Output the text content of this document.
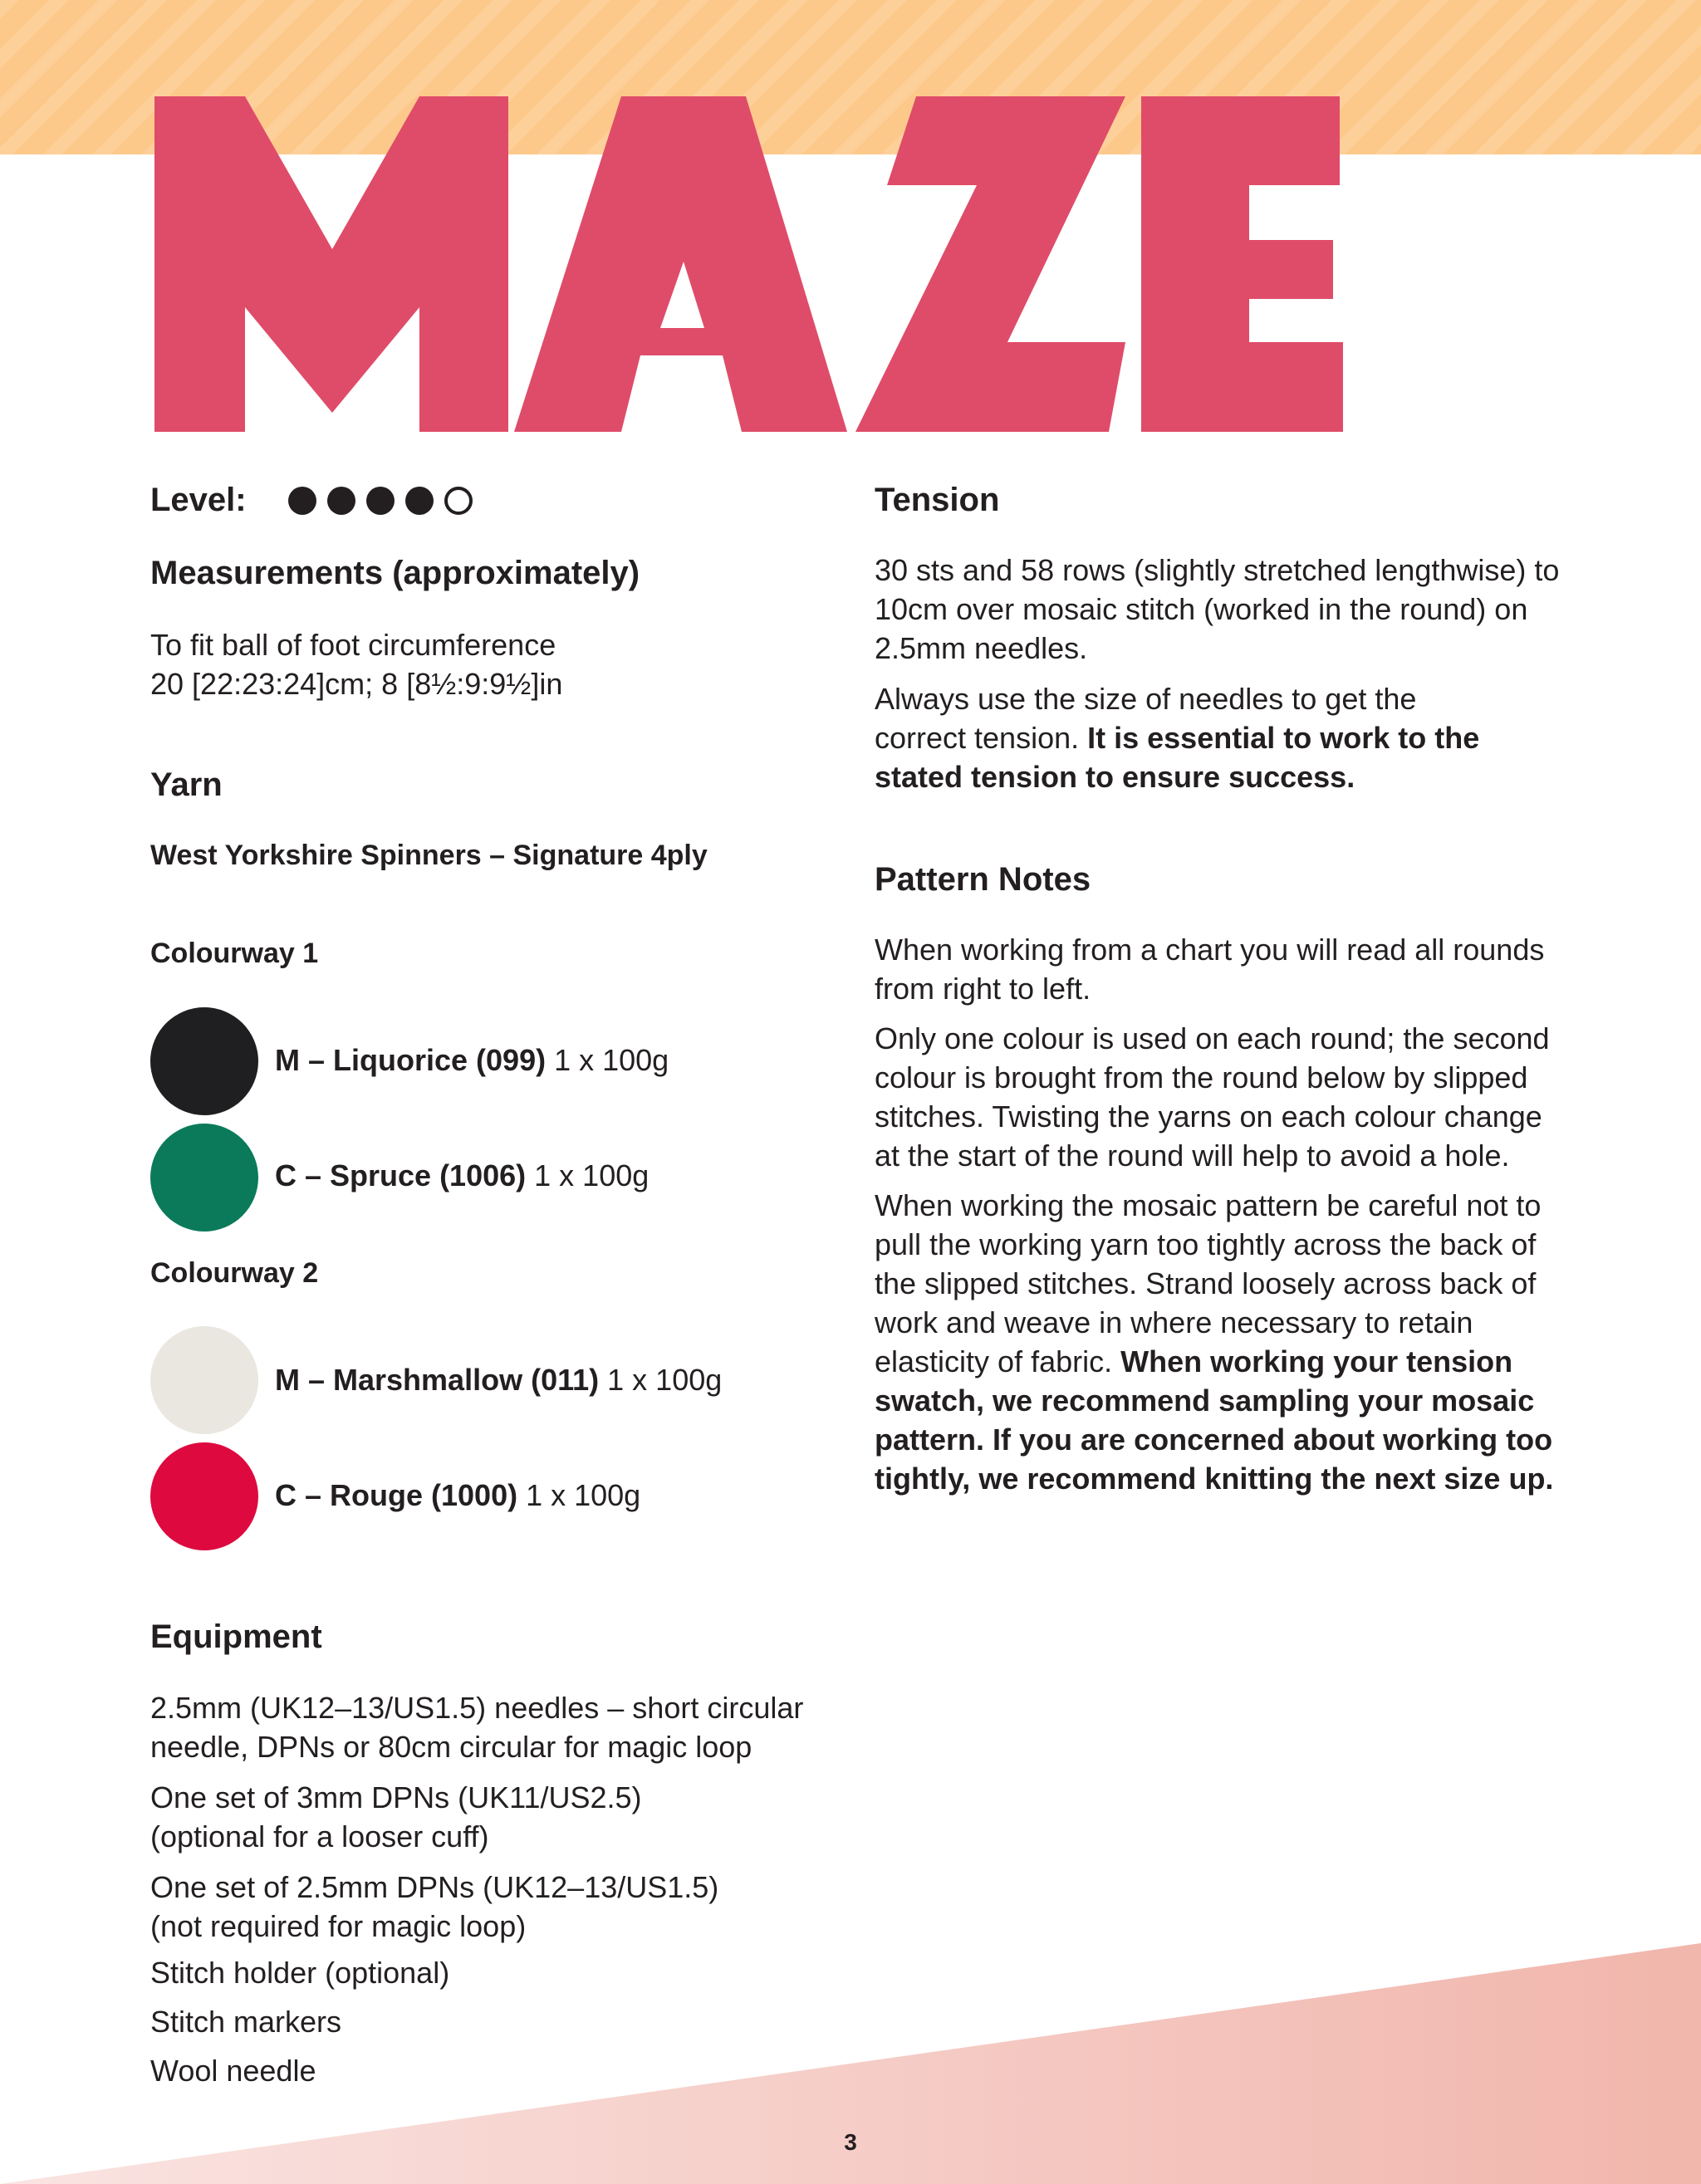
Level:
Measurements (approximately)
To fit ball of foot circumference
20 [22:23:24]cm; 8 [8½:9:9½]in
Yarn
West Yorkshire Spinners – Signature 4ply
Colourway 1
M – Liquorice (099) 1 x 100g
C – Spruce (1006) 1 x 100g
Colourway 2
M – Marshmallow (011) 1 x 100g
C – Rouge (1000) 1 x 100g
Equipment
2.5mm (UK12–13/US1.5) needles – short circular needle, DPNs or 80cm circular for magic loop
One set of 3mm DPNs (UK11/US2.5) (optional for a looser cuff)
One set of 2.5mm DPNs (UK12–13/US1.5) (not required for magic loop)
Stitch holder (optional)
Stitch markers
Wool needle
Tension
30 sts and 58 rows (slightly stretched lengthwise) to 10cm over mosaic stitch (worked in the round) on 2.5mm needles.
Always use the size of needles to get the correct tension. It is essential to work to the stated tension to ensure success.
Pattern Notes
When working from a chart you will read all rounds from right to left.
Only one colour is used on each round; the second colour is brought from the round below by slipped stitches. Twisting the yarns on each colour change at the start of the round will help to avoid a hole.
When working the mosaic pattern be careful not to pull the working yarn too tightly across the back of the slipped stitches. Strand loosely across back of work and weave in where necessary to retain elasticity of fabric. When working your tension swatch, we recommend sampling your mosaic pattern. If you are concerned about working too tightly, we recommend knitting the next size up.
3
